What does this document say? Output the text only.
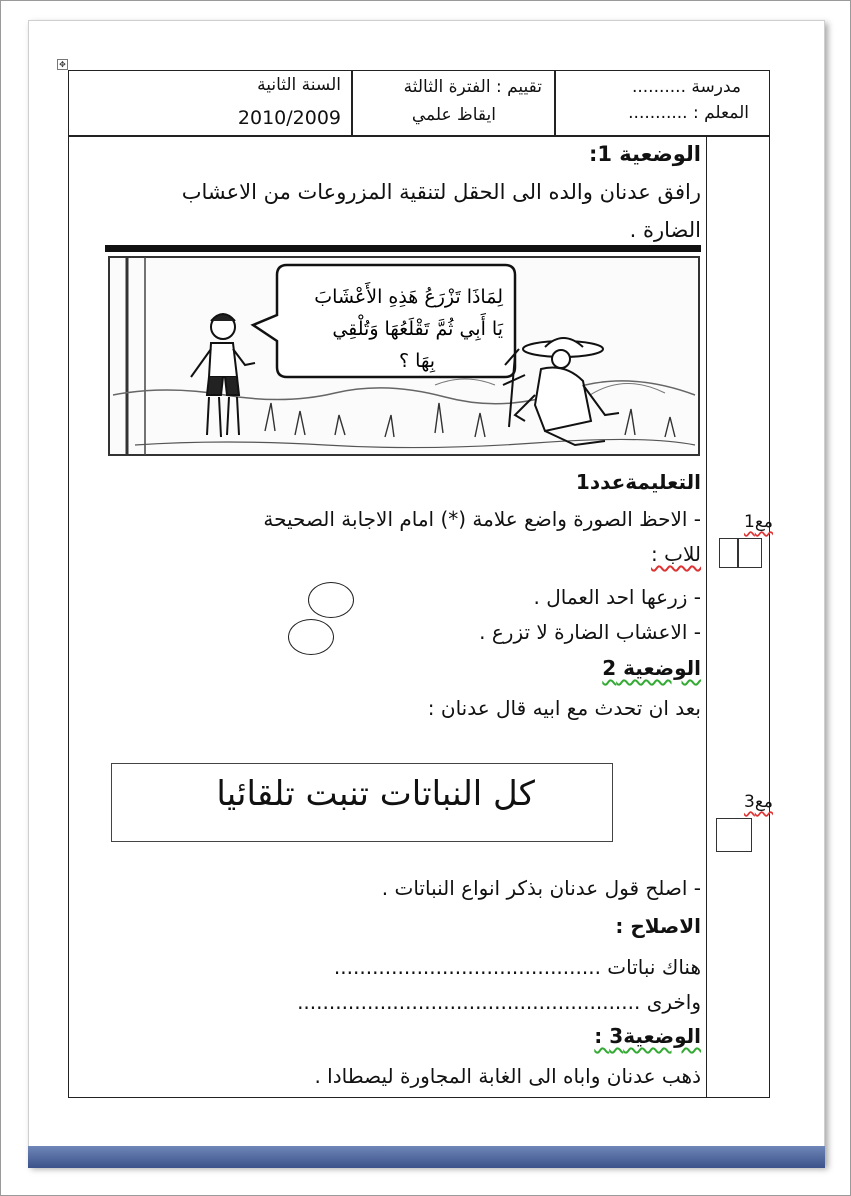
✥
مدرسة ..........
المعلم : ...........
تقييم : الفترة الثالثة
ايقاظ علمي
السنة الثانية
2010/2009
الوضعية 1:
رافق عدنان والده الى الحقل لتنقية المزروعات من الاعشاب
الضارة .
لِمَاذَا تَزْرَعُ هَذِهِ الأَعْشَابَ
يَا أَبِي ثُمَّ تَقْلَعُهَا وَتُلْقِي
بِهَا ؟
التعليمةعدد1
- الاحظ الصورة واضع علامة (*) امام الاجابة الصحيحة
للاب :
- زرعها احد العمال .
- الاعشاب الضارة لا تزرع .
الوضعية 2
بعد ان تحدث مع ابيه قال عدنان :
كل النباتات تنبت تلقائيا
- اصلح قول عدنان بذكر انواع النباتات .
الاصلاح :
هناك نباتات ..........................................
واخرى ......................................................
الوضعية3 :
ذهب عدنان واباه الى الغابة المجاورة ليصطادا .
مع1
مع3
